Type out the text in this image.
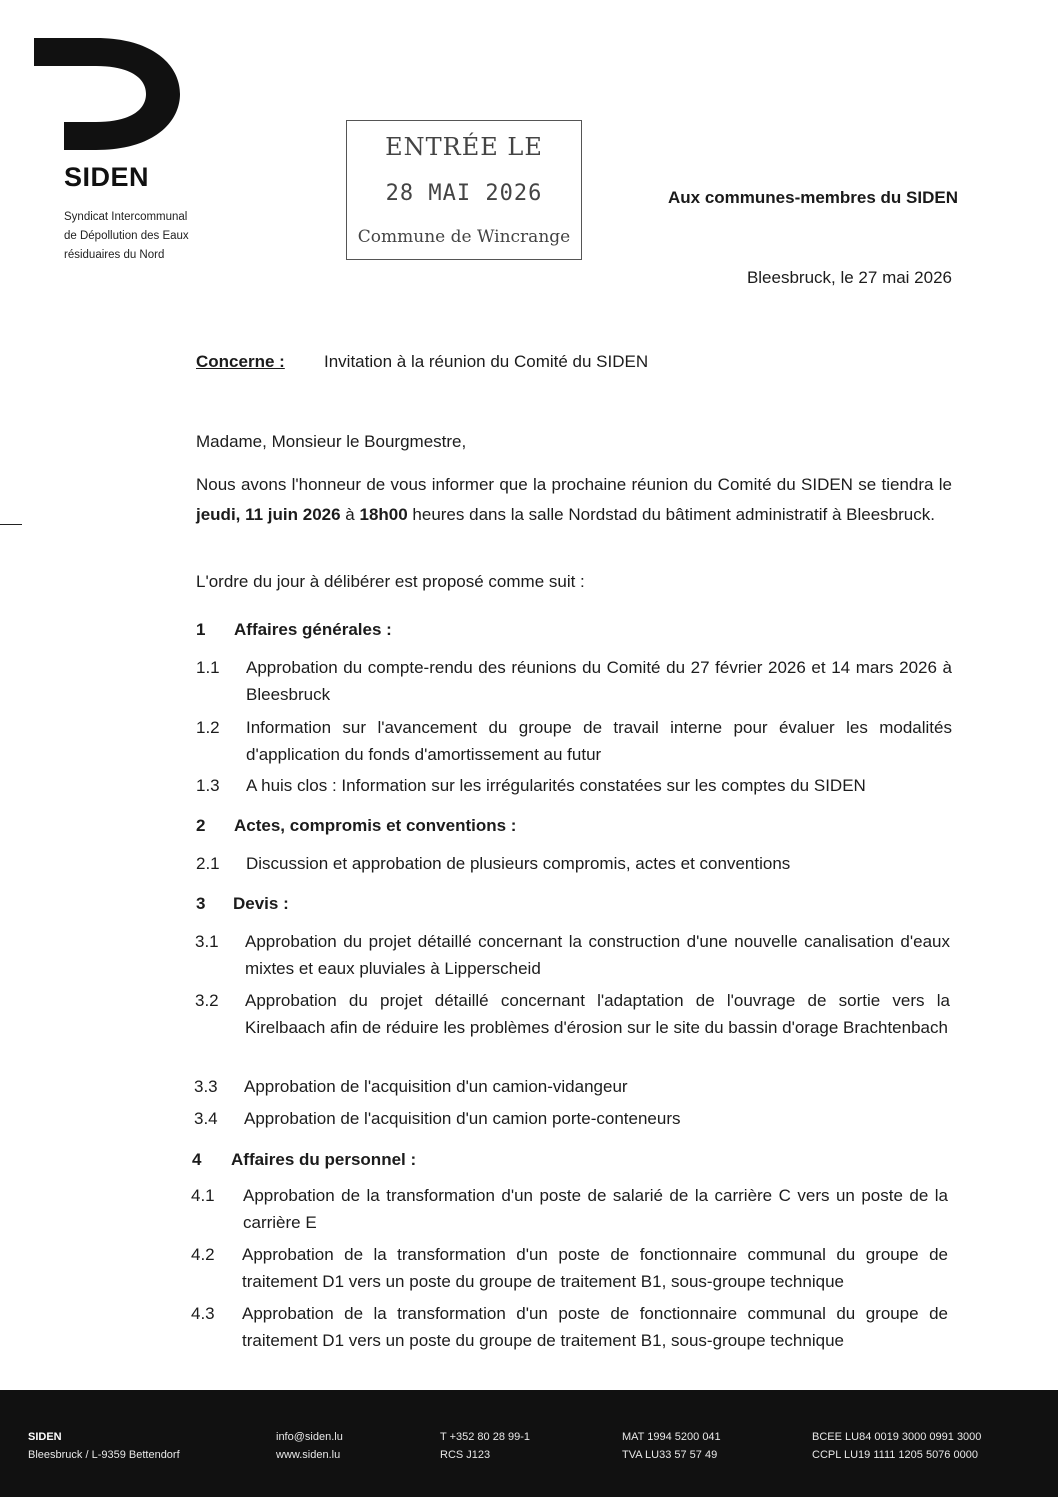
SIDEN
Syndicat Intercommunal
de Dépollution des Eaux
résiduaires du Nord
ENTRÉE LE
28 MAI 2026
Commune de Wincrange
Aux communes-membres du SIDEN
Bleesbruck, le 27 mai 2026
Concerne : Invitation à la réunion du Comité du SIDEN
Madame, Monsieur le Bourgmestre,
Nous avons l'honneur de vous informer que la prochaine réunion du Comité du SIDEN se tiendra le jeudi, 11 juin 2026 à 18h00 heures dans la salle Nordstad du bâtiment administratif à Bleesbruck.
L'ordre du jour à délibérer est proposé comme suit :
1 Affaires générales :
1.1 Approbation du compte-rendu des réunions du Comité du 27 février 2026 et 14 mars 2026 à Bleesbruck
1.2 Information sur l'avancement du groupe de travail interne pour évaluer les modalités d'application du fonds d'amortissement au futur
1.3 A huis clos : Information sur les irrégularités constatées sur les comptes du SIDEN
2 Actes, compromis et conventions :
2.1 Discussion et approbation de plusieurs compromis, actes et conventions
3 Devis :
3.1 Approbation du projet détaillé concernant la construction d'une nouvelle canalisation d'eaux mixtes et eaux pluviales à Lipperscheid
3.2 Approbation du projet détaillé concernant l'adaptation de l'ouvrage de sortie vers la Kirelbaach afin de réduire les problèmes d'érosion sur le site du bassin d'orage Brachtenbach
3.3 Approbation de l'acquisition d'un camion-vidangeur
3.4 Approbation de l'acquisition d'un camion porte-conteneurs
4 Affaires du personnel :
4.1 Approbation de la transformation d'un poste de salarié de la carrière C vers un poste de la carrière E
4.2 Approbation de la transformation d'un poste de fonctionnaire communal du groupe de traitement D1 vers un poste du groupe de traitement B1, sous-groupe technique
4.3 Approbation de la transformation d'un poste de fonctionnaire communal du groupe de traitement D1 vers un poste du groupe de traitement B1, sous-groupe technique
SIDEN
Bleesbruck / L-9359 Bettendorf
info@siden.lu
www.siden.lu
T +352 80 28 99-1
RCS J123
MAT 1994 5200 041
TVA LU33 57 57 49
BCEE LU84 0019 3000 0991 3000
CCPL LU19 1111 1205 5076 0000
